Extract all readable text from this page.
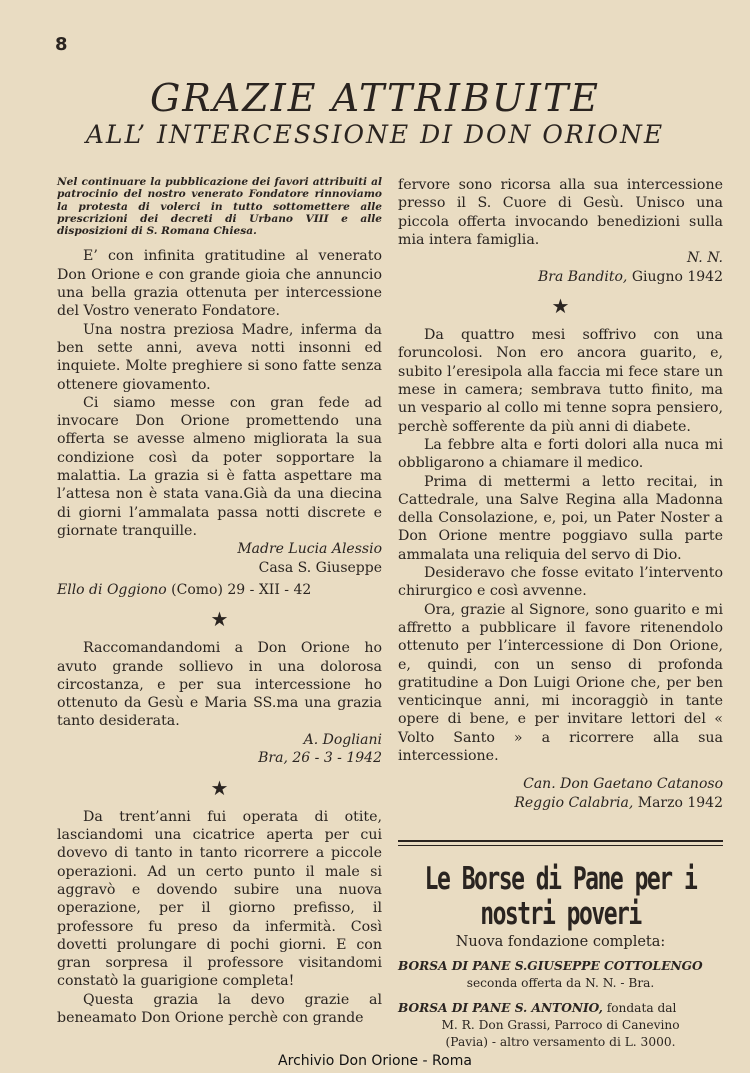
8
GRAZIE ATTRIBUITE
ALL’ INTERCESSIONE DI DON ORIONE

Nel continuare la pubblicazione dei favori attribuiti al patrocinio del nostro venerato Fondatore rinnoviamo la protesta di volerci in tutto sottomettere alle prescrizioni dei decreti di Urbano VIII e alle disposizioni di S. Romana Chiesa.

E’ con infinita gratitudine al venerato Don Orione e con grande gioia che annuncio una bella grazia ottenuta per intercessione del Vostro venerato Fondatore.

Una nostra preziosa Madre, inferma da ben sette anni, aveva notti insonni ed inquiete. Molte preghiere si sono fatte senza ottenere giovamento.

Ci siamo messe con gran fede ad invocare Don Orione promettendo una offerta se avesse almeno migliorata la sua condizione così da poter sopportare la malattia. La grazia si è fatta aspettare ma l’attesa non è stata vana.Già da una diecina di giorni l’ammalata passa notti discrete e giornate tranquille.

Madre Lucia Alessio

Casa S. Giuseppe

Ello di Oggiono (Como) 29 - XII - 42

★

Raccomandandomi a Don Orione ho avuto grande sollievo in una dolorosa circostanza, e per sua intercessione ho ottenuto da Gesù e Maria SS.ma una grazia tanto desiderata.

A. Dogliani

Bra, 26 - 3 - 1942

★

Da trent’anni fui operata di otite, lasciandomi una cicatrice aperta per cui dovevo di tanto in tanto ricorrere a piccole operazioni. Ad un certo punto il male si aggravò e dovendo subire una nuova operazione, per il giorno prefisso, il professore fu preso da infermità. Così dovetti prolungare di pochi giorni. E con gran sorpresa il professore visitandomi constatò la guarigione completa!

Questa grazia la devo grazie al beneamato Don Orione perchè con grande

fervore sono ricorsa alla sua intercessione presso il S. Cuore di Gesù. Unisco una piccola offerta invocando benedizioni sulla mia intera famiglia.

N. N.

Bra Bandito, Giugno 1942

★

Da quattro mesi soffrivo con una foruncolosi. Non ero ancora guarito, e, subito l’eresipola alla faccia mi fece stare un mese in camera; sembrava tutto finito, ma un vespario al collo mi tenne sopra pensiero, perchè sofferente da più anni di diabete.

La febbre alta e forti dolori alla nuca mi obbligarono a chiamare il medico.

Prima di mettermi a letto recitai, in Cattedrale, una Salve Regina alla Madonna della Consolazione, e, poi, un Pater Noster a Don Orione mentre poggiavo sulla parte ammalata una reliquia del servo di Dio.

Desideravo che fosse evitato l’intervento chirurgico e così avvenne.

Ora, grazie al Signore, sono guarito e mi affretto a pubblicare il favore ritenendolo ottenuto per l’intercessione di Don Orione, e, quindi, con un senso di profonda gratitudine a Don Luigi Orione che, per ben venticinque anni, mi incoraggiò in tante opere di bene, e per invitare lettori del « Volto Santo » a ricorrere alla sua intercessione.

Can. Don Gaetano Catanoso

Reggio Calabria, Marzo 1942

Le Borse di Pane per i nostri poveri

Nuova fondazione completa:

BORSA DI PANE S.GIUSEPPE COTTOLENGO
seconda offerta da N. N. - Bra.
BORSA DI PANE S. ANTONIO, fondata dal
M. R. Don Grassi, Parroco di Canevino
(Pavia) - altro versamento di L. 3000.
Archivio Don Orione - Roma
